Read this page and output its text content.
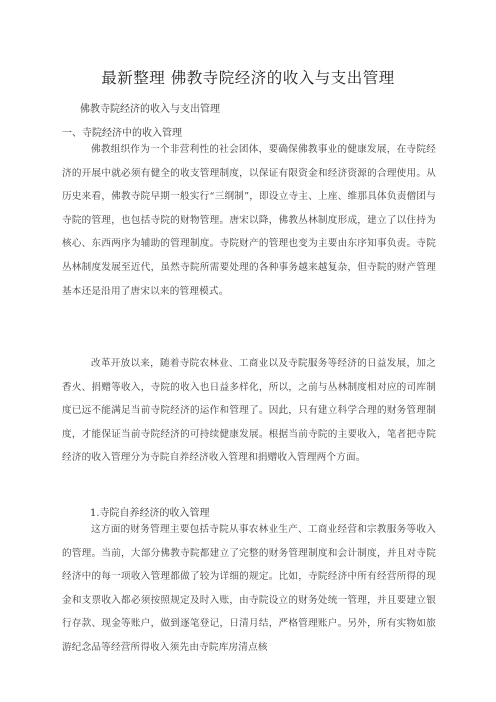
最新整理 佛教寺院经济的收入与支出管理
佛教寺院经济的收入与支出管理
一、寺院经济中的收入管理

佛教组织作为一个非营利性的社会团体，要确保佛教事业的健康发展，在寺院经济的开展中就必须有健全的收支管理制度，以保证有限资金和经济资源的合理使用。从历史来看，佛教寺院早期一般实行“三纲制”，即设立寺主、上座、维那具体负责僧团与寺院的管理，也包括寺院的财物管理。唐宋以降，佛教丛林制度形成，建立了以住持为核心、东西两序为辅助的管理制度。寺院财产的管理也变为主要由东序知事负责。寺院丛林制度发展至近代，虽然寺院所需要处理的各种事务越来越复杂，但寺院的财产管理基本还是沿用了唐宋以来的管理模式。

改革开放以来，随着寺院农林业、工商业以及寺院服务等经济的日益发展，加之香火、捐赠等收入，寺院的收入也日益多样化，所以，之前与丛林制度相对应的司库制度已远不能满足当前寺院经济的运作和管理了。因此，只有建立科学合理的财务管理制度，才能保证当前寺院经济的可持续健康发展。根据当前寺院的主要收入，笔者把寺院经济的收入管理分为寺院自养经济收入管理和捐赠收入管理两个方面。

1.寺院自养经济的收入管理

这方面的财务管理主要包括寺院从事农林业生产、工商业经营和宗教服务等收入的管理。当前，大部分佛教寺院都建立了完整的财务管理制度和会计制度，并且对寺院经济中的每一项收入管理都做了较为详细的规定。比如，寺院经济中所有经营所得的现金和支票收入都必须按照规定及时入账，由寺院设立的财务处统一管理，并且要建立银行存款、现金等账户，做到逐笔登记，日清月结，严格管理账户。另外，所有实物如旅游纪念品等经营所得收入须先由寺院库房清点核
